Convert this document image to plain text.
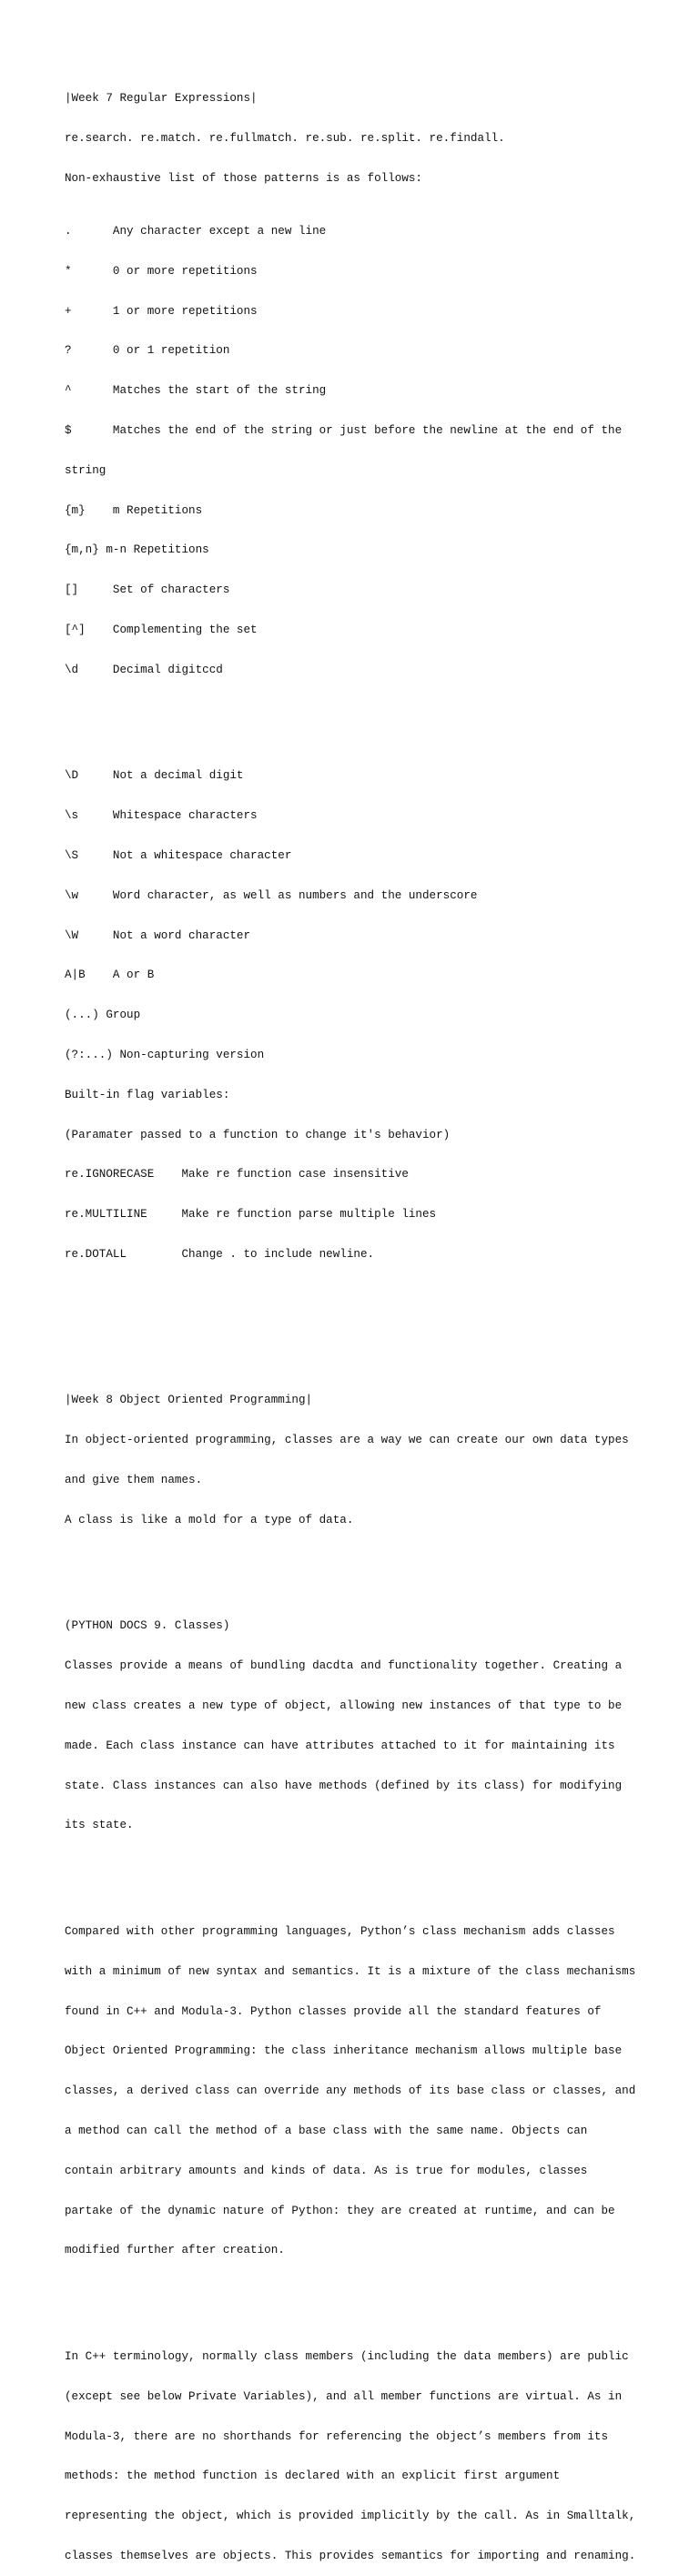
|Week 7 Regular Expressions|

re.search. re.match. re.fullmatch. re.sub. re.split. re.findall.

Non-exhaustive list of those patterns is as follows:

.      Any character except a new line

*      0 or more repetitions

+      1 or more repetitions

?      0 or 1 repetition

^      Matches the start of the string

$      Matches the end of the string or just before the newline at the end of the

string

{m}    m Repetitions

{m,n} m-n Repetitions

[]     Set of characters

[^]    Complementing the set

\d     Decimal digitccd

\D     Not a decimal digit

\s     Whitespace characters

\S     Not a whitespace character

\w     Word character, as well as numbers and the underscore

\W     Not a word character

A|B    A or B

(...) Group

(?:...) Non-capturing version

Built-in flag variables:

(Paramater passed to a function to change it's behavior)

re.IGNORECASE    Make re function case insensitive

re.MULTILINE     Make re function parse multiple lines

re.DOTALL        Change . to include newline.

|Week 8 Object Oriented Programming|

In object-oriented programming, classes are a way we can create our own data types

and give them names.

A class is like a mold for a type of data.

(PYTHON DOCS 9. Classes)

Classes provide a means of bundling dacdta and functionality together. Creating a

new class creates a new type of object, allowing new instances of that type to be

made. Each class instance can have attributes attached to it for maintaining its

state. Class instances can also have methods (defined by its class) for modifying

its state.

Compared with other programming languages, Python’s class mechanism adds classes

with a minimum of new syntax and semantics. It is a mixture of the class mechanisms

found in C++ and Modula-3. Python classes provide all the standard features of

Object Oriented Programming: the class inheritance mechanism allows multiple base

classes, a derived class can override any methods of its base class or classes, and

a method can call the method of a base class with the same name. Objects can

contain arbitrary amounts and kinds of data. As is true for modules, classes

partake of the dynamic nature of Python: they are created at runtime, and can be

modified further after creation.

In C++ terminology, normally class members (including the data members) are public

(except see below Private Variables), and all member functions are virtual. As in

Modula-3, there are no shorthands for referencing the object’s members from its

methods: the method function is declared with an explicit first argument

representing the object, which is provided implicitly by the call. As in Smalltalk,

classes themselves are objects. This provides semantics for importing and renaming.
